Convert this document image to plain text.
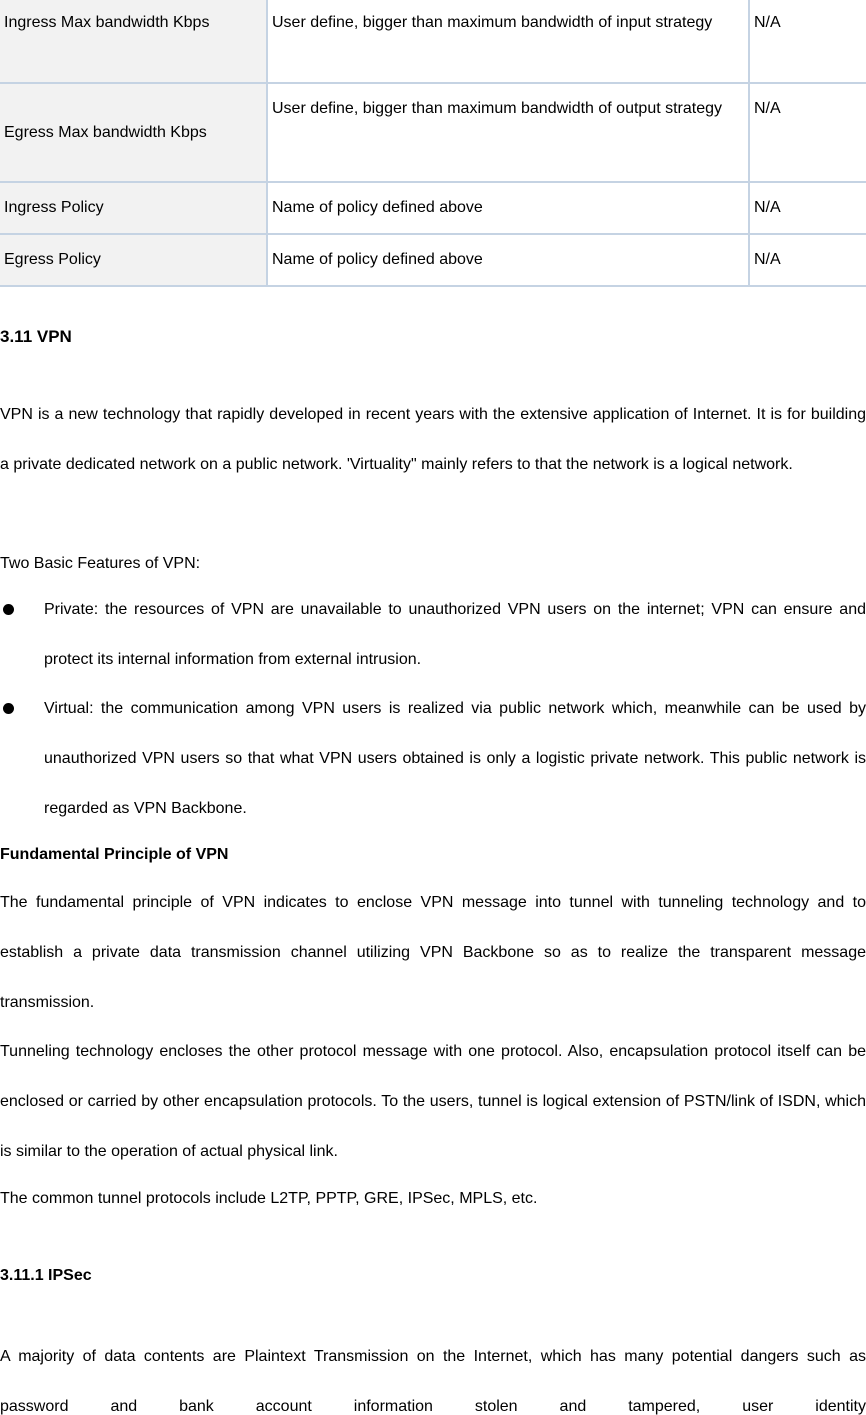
Ingress Max bandwidth Kbps	User define, bigger than maximum bandwidth of input strategy	N/A
Egress Max bandwidth Kbps	User define, bigger than maximum bandwidth of output strategy	N/A
Ingress Policy	Name of policy defined above	N/A
Egress Policy	Name of policy defined above	N/A
3.11 VPN
VPN is a new technology that rapidly developed in recent years with the extensive application of Internet. It is for building a private dedicated network on a public network. 'Virtuality" mainly refers to that the network is a logical network.
Two Basic Features of VPN:
Private: the resources of VPN are unavailable to unauthorized VPN users on the internet; VPN can ensure and protect its internal information from external intrusion.
Virtual: the communication among VPN users is realized via public network which, meanwhile can be used by unauthorized VPN users so that what VPN users obtained is only a logistic private network. This public network is regarded as VPN Backbone.
Fundamental Principle of VPN
The fundamental principle of VPN indicates to enclose VPN message into tunnel with tunneling technology and to establish a private data transmission channel utilizing VPN Backbone so as to realize the transparent message transmission.
Tunneling technology encloses the other protocol message with one protocol. Also, encapsulation protocol itself can be enclosed or carried by other encapsulation protocols. To the users, tunnel is logical extension of PSTN/link of ISDN, which is similar to the operation of actual physical link.
The common tunnel protocols include L2TP, PPTP, GRE, IPSec, MPLS, etc.
3.11.1 IPSec
A majority of data contents are Plaintext Transmission on the Internet, which has many potential dangers such as password and bank account information stolen and tampered, user identity
